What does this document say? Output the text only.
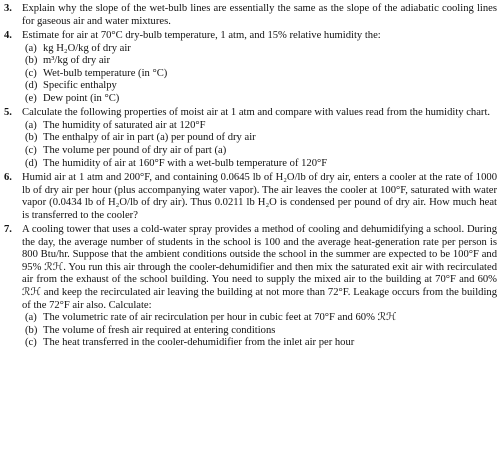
3. Explain why the slope of the wet-bulb lines are essentially the same as the slope of the adiabatic cooling lines for gaseous air and water mixtures.
4. Estimate for air at 70°C dry-bulb temperature, 1 atm, and 15% relative humidity the:
(a) kg H₂O/kg of dry air
(b) m³/kg of dry air
(c) Wet-bulb temperature (in °C)
(d) Specific enthalpy
(e) Dew point (in °C)
5. Calculate the following properties of moist air at 1 atm and compare with values read from the humidity chart.
(a) The humidity of saturated air at 120°F
(b) The enthalpy of air in part (a) per pound of dry air
(c) The volume per pound of dry air of part (a)
(d) The humidity of air at 160°F with a wet-bulb temperature of 120°F
6. Humid air at 1 atm and 200°F, and containing 0.0645 lb of H₂O/lb of dry air, enters a cooler at the rate of 1000 lb of dry air per hour (plus accompanying water vapor). The air leaves the cooler at 100°F, saturated with water vapor (0.0434 lb of H₂O/lb of dry air). Thus 0.0211 lb H₂O is condensed per pound of dry air. How much heat is transferred to the cooler?
7. A cooling tower that uses a cold-water spray provides a method of cooling and dehumidifying a school. During the day, the average number of students in the school is 100 and the average heat-generation rate per person is 800 Btu/hr. Suppose that the ambient conditions outside the school in the summer are expected to be 100°F and 95% ℛℋ. You run this air through the cooler-dehumidifier and then mix the saturated exit air with recirculated air from the exhaust of the school building. You need to supply the mixed air to the building at 70°F and 60% ℛℋ and keep the recirculated air leaving the building at not more than 72°F. Leakage occurs from the building of the 72°F air also. Calculate:
(a) The volumetric rate of air recirculation per hour in cubic feet at 70°F and 60% ℛℋ
(b) The volume of fresh air required at entering conditions
(c) The heat transferred in the cooler-dehumidifier from the inlet air per hour
